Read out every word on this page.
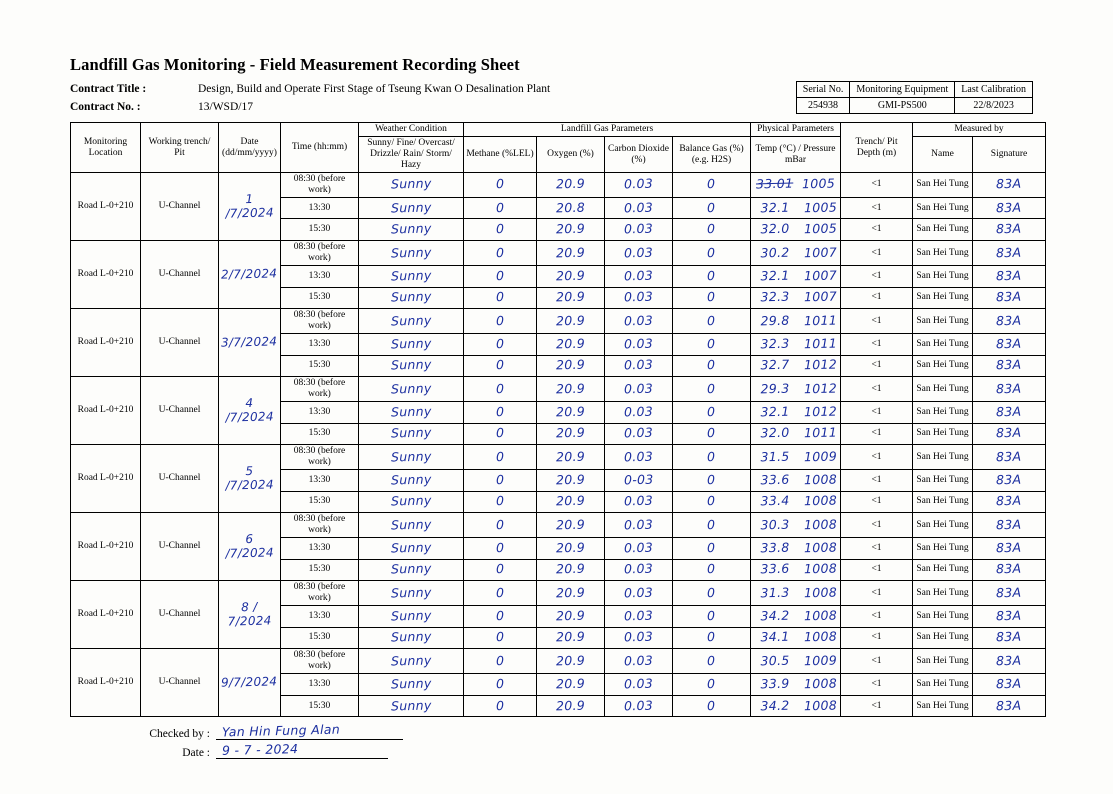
Landfill Gas Monitoring - Field Measurement Recording Sheet
Contract Title :	Design, Build and Operate First Stage of Tseung Kwan O Desalination Plant
Contract No. :	13/WSD/17
Serial No.	Monitoring Equipment	Last Calibration
254938	GMI-PS500	22/8/2023
Monitoring Location	Working trench/ Pit	Date (dd/mm/yyyy)	Time (hh:mm)	Weather Condition	Landfill Gas Parameters				Physical Parameters	Trench/ Pit Depth (m)	Measured by	
				Sunny/ Fine/ Overcast/ Drizzle/ Rain/ Storm/ Hazy	Methane (%LEL)	Oxygen (%)	Carbon Dioxide (%)	Balance Gas (%) (e.g. H2S)	Temp (°C) / Pressure mBar		Name	Signature
Road L-0+210	U-Channel	1 /7/2024	08:30 (before work)	Sunny	0	20.9	0.03	0	33.01 1005	<1	San Hei Tung	83A
			13:30	Sunny	0	20.8	0.03	0	32.1 1005	<1	San Hei Tung	83A
			15:30	Sunny	0	20.9	0.03	0	32.0 1005	<1	San Hei Tung	83A
Road L-0+210	U-Channel	2/7/2024	08:30 (before work)	Sunny	0	20.9	0.03	0	30.2 1007	<1	San Hei Tung	83A
			13:30	Sunny	0	20.9	0.03	0	32.1 1007	<1	San Hei Tung	83A
			15:30	Sunny	0	20.9	0.03	0	32.3 1007	<1	San Hei Tung	83A
Road L-0+210	U-Channel	3/7/2024	08:30 (before work)	Sunny	0	20.9	0.03	0	29.8 1011	<1	San Hei Tung	83A
			13:30	Sunny	0	20.9	0.03	0	32.3 1011	<1	San Hei Tung	83A
			15:30	Sunny	0	20.9	0.03	0	32.7 1012	<1	San Hei Tung	83A
Road L-0+210	U-Channel	4 /7/2024	08:30 (before work)	Sunny	0	20.9	0.03	0	29.3 1012	<1	San Hei Tung	83A
			13:30	Sunny	0	20.9	0.03	0	32.1 1012	<1	San Hei Tung	83A
			15:30	Sunny	0	20.9	0.03	0	32.0 1011	<1	San Hei Tung	83A
Road L-0+210	U-Channel	5 /7/2024	08:30 (before work)	Sunny	0	20.9	0.03	0	31.5 1009	<1	San Hei Tung	83A
			13:30	Sunny	0	20.9	0-03	0	33.6 1008	<1	San Hei Tung	83A
			15:30	Sunny	0	20.9	0.03	0	33.4 1008	<1	San Hei Tung	83A
Road L-0+210	U-Channel	6 /7/2024	08:30 (before work)	Sunny	0	20.9	0.03	0	30.3 1008	<1	San Hei Tung	83A
			13:30	Sunny	0	20.9	0.03	0	33.8 1008	<1	San Hei Tung	83A
			15:30	Sunny	0	20.9	0.03	0	33.6 1008	<1	San Hei Tung	83A
Road L-0+210	U-Channel	8 / 7/2024	08:30 (before work)	Sunny	0	20.9	0.03	0	31.3 1008	<1	San Hei Tung	83A
			13:30	Sunny	0	20.9	0.03	0	34.2 1008	<1	San Hei Tung	83A
			15:30	Sunny	0	20.9	0.03	0	34.1 1008	<1	San Hei Tung	83A
Road L-0+210	U-Channel	9/7/2024	08:30 (before work)	Sunny	0	20.9	0.03	0	30.5 1009	<1	San Hei Tung	83A
			13:30	Sunny	0	20.9	0.03	0	33.9 1008	<1	San Hei Tung	83A
			15:30	Sunny	0	20.9	0.03	0	34.2 1008	<1	San Hei Tung	83A
Checked by : Yan Hin Fung Alan
Date : 9 - 7 - 2024
